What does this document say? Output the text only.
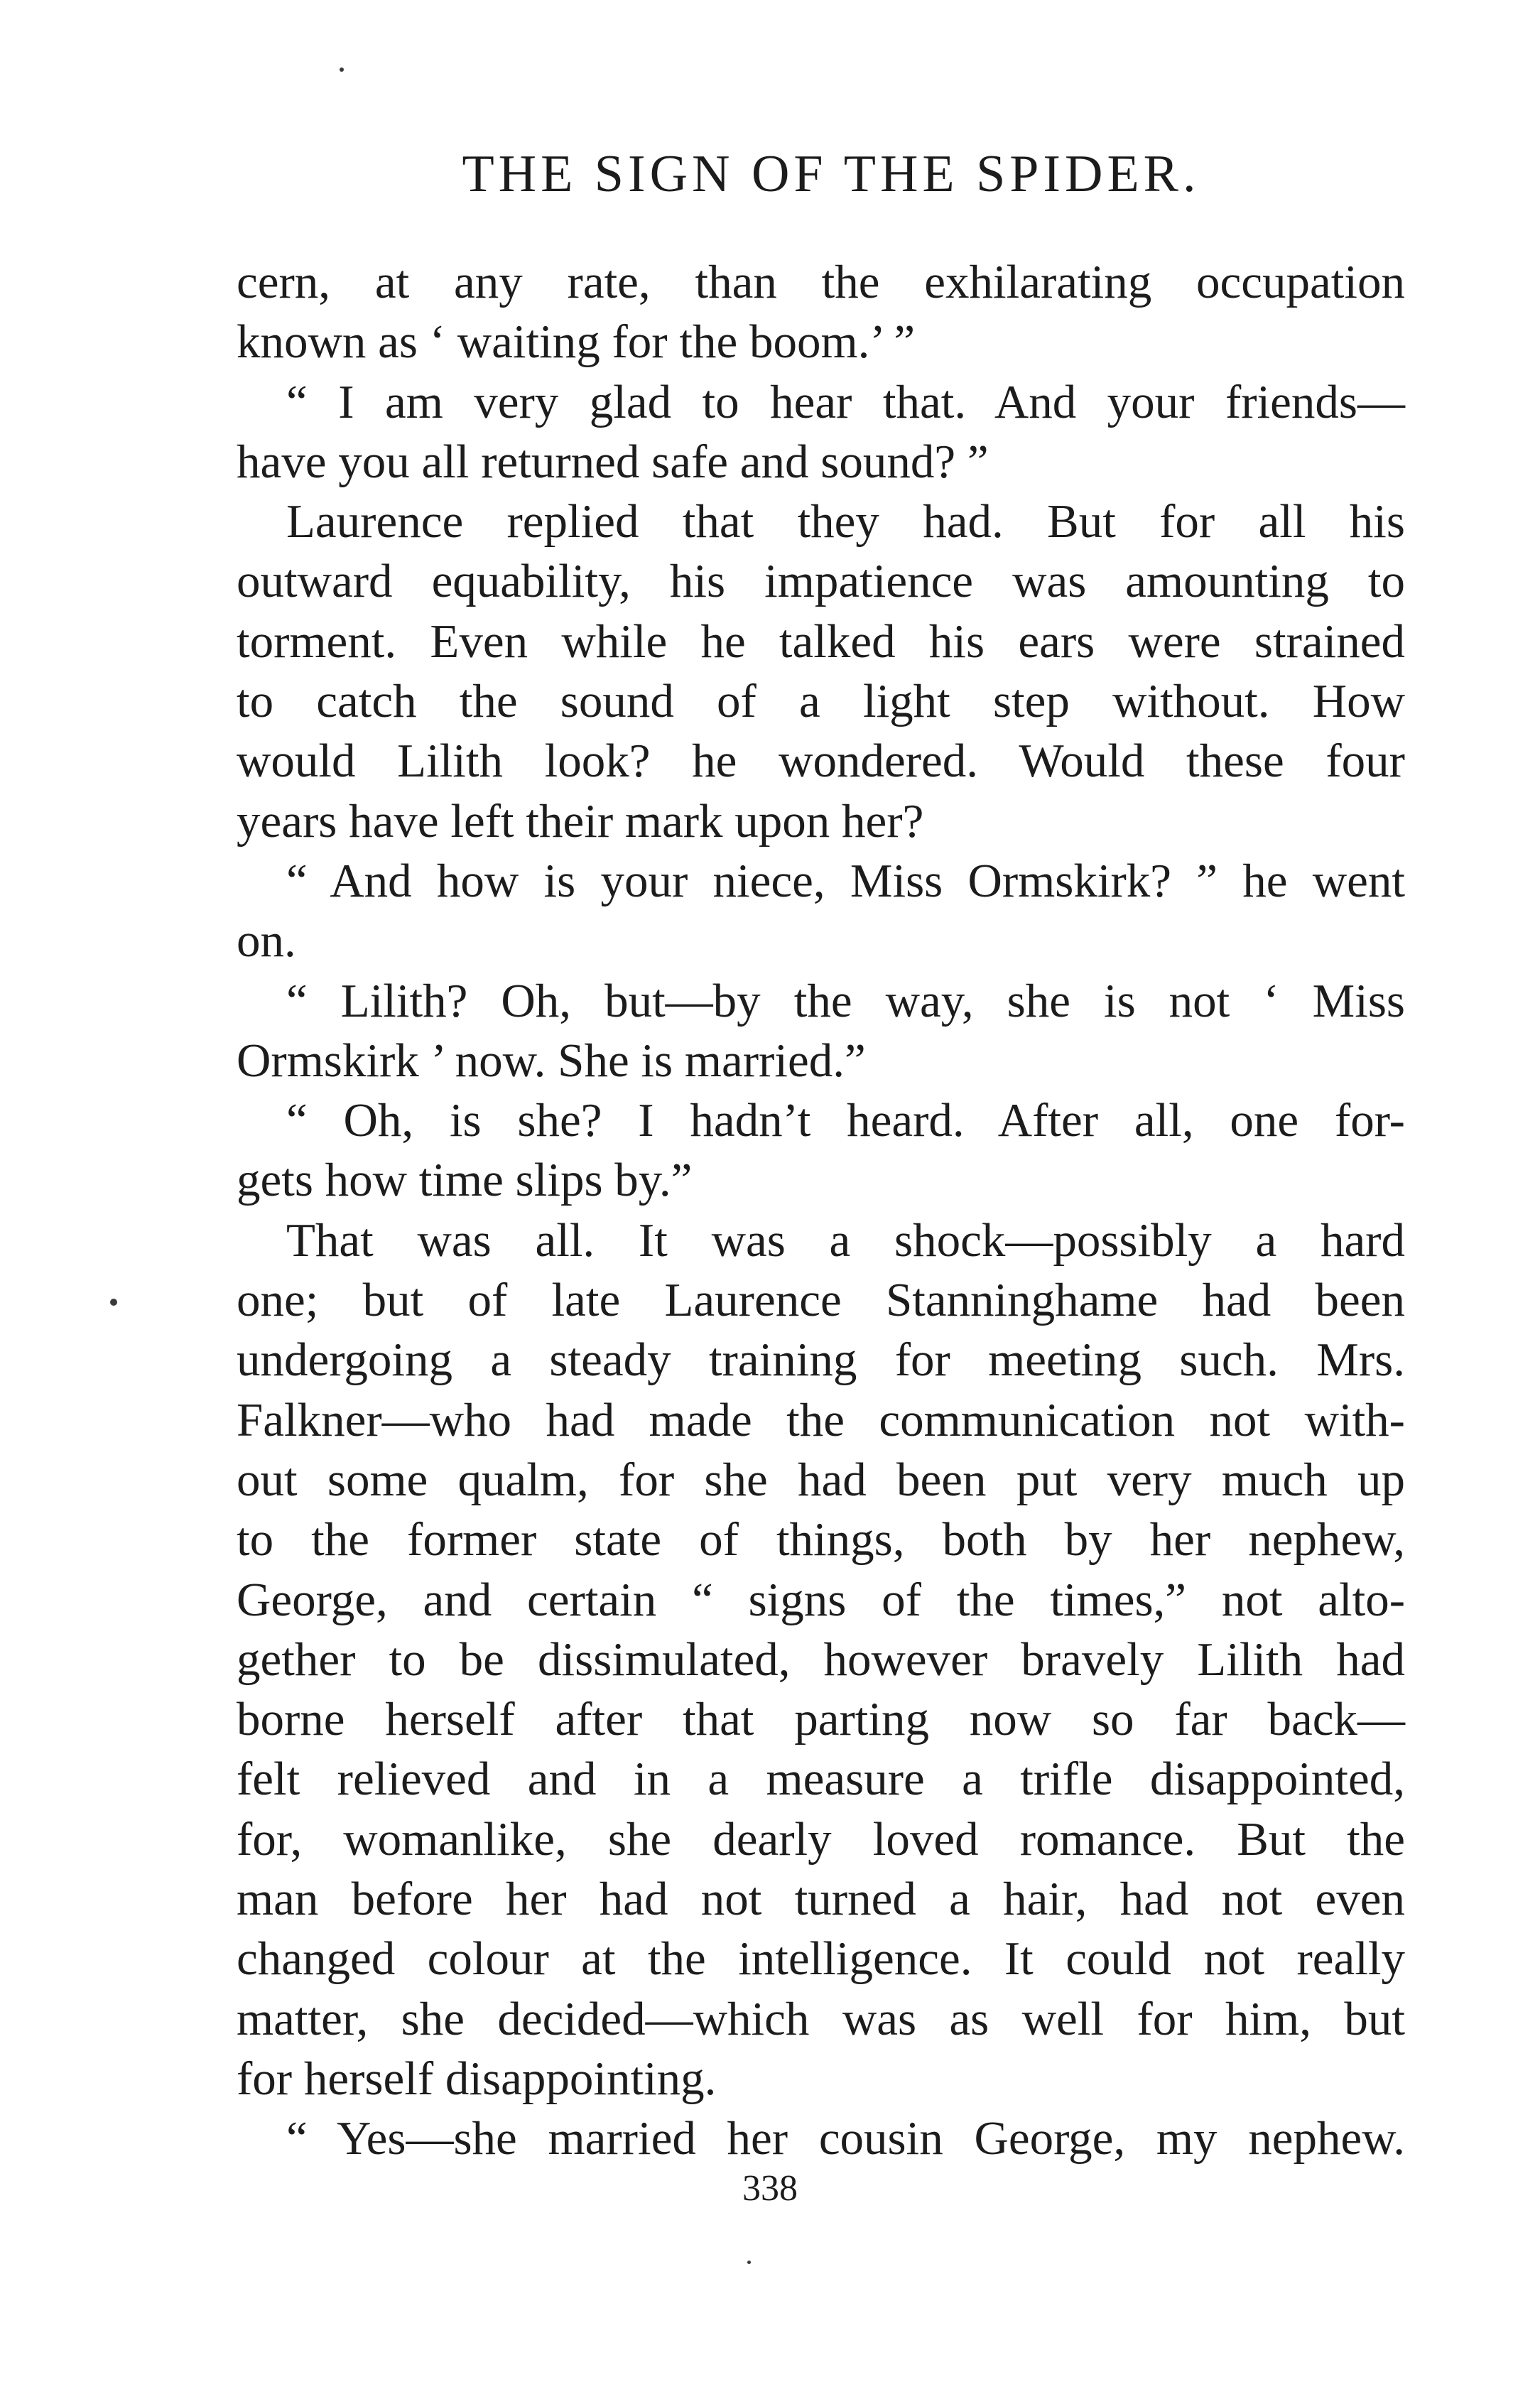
THE SIGN OF THE SPIDER.
cern, at any rate, than the exhilarating occupation
known as ‘ waiting for the boom.’ ”
“ I am very glad to hear that. And your friends—
have you all returned safe and sound? ”
Laurence replied that they had. But for all his
outward equability, his impatience was amounting to
torment. Even while he talked his ears were strained
to catch the sound of a light step without. How
would Lilith look? he wondered. Would these four
years have left their mark upon her?
“ And how is your niece, Miss Ormskirk? ” he went
on.
“ Lilith? Oh, but—by the way, she is not ‘ Miss
Ormskirk ’ now. She is married.”
“ Oh, is she? I hadn’t heard. After all, one for-
gets how time slips by.”
That was all. It was a shock—possibly a hard
one; but of late Laurence Stanninghame had been
undergoing a steady training for meeting such. Mrs.
Falkner—who had made the communication not with-
out some qualm, for she had been put very much up
to the former state of things, both by her nephew,
George, and certain “ signs of the times,” not alto-
gether to be dissimulated, however bravely Lilith had
borne herself after that parting now so far back—
felt relieved and in a measure a trifle disappointed,
for, womanlike, she dearly loved romance. But the
man before her had not turned a hair, had not even
changed colour at the intelligence. It could not really
matter, she decided—which was as well for him, but
for herself disappointing.
“ Yes—she married her cousin George, my nephew.
338
